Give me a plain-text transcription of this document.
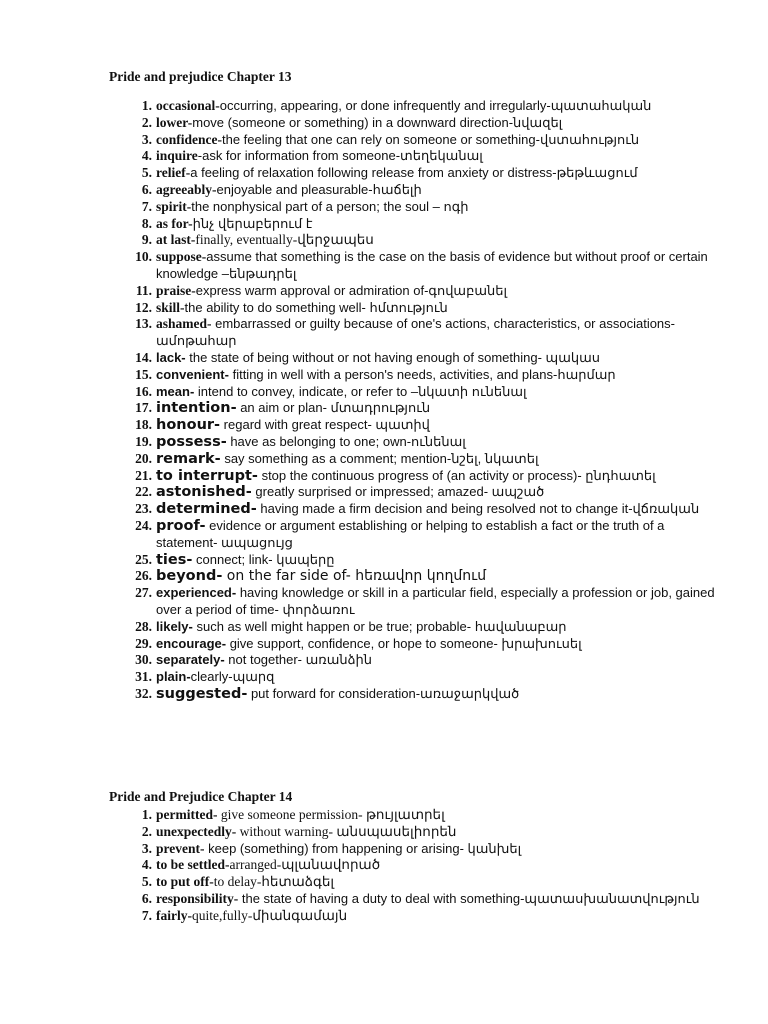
Pride and prejudice Chapter 13
1. occasional-occurring, appearing, or done infrequently and irregularly-պատահական
2. lower-move (someone or something) in a downward direction-նվազել
3. confidence-the feeling that one can rely on someone or something-վստահություն
4. inquire-ask for information from someone-տեղեկանալ
5. relief-a feeling of relaxation following release from anxiety or distress-թեթևացում
6. agreeably-enjoyable and pleasurable-հաճելի
7. spirit-the nonphysical part of a person; the soul – ոգի
8. as for-ինչ վերաբերում է
9. at last-finally, eventually-վերջապես
10. suppose-assume that something is the case on the basis of evidence but without proof or certain knowledge –ենթադրել
11. praise-express warm approval or admiration of-գովաբանել
12. skill-the ability to do something well- հմտություն
13. ashamed- embarrassed or guilty because of one's actions, characteristics, or associations- ամոթահար
14. lack- the state of being without or not having enough of something- պակաս
15. convenient- fitting in well with a person's needs, activities, and plans-հարմար
16. mean- intend to convey, indicate, or refer to –նկատի ունենալ
17. intention- an aim or plan- մտադրություն
18. honour- regard with great respect- պատիվ
19. possess- have as belonging to one; own-ունենալ
20. remark- say something as a comment; mention-նշել, նկատել
21. to interrupt- stop the continuous progress of (an activity or process)- ընդհատել
22. astonished- greatly surprised or impressed; amazed- ապշած
23. determined- having made a firm decision and being resolved not to change it-վճռական
24. proof- evidence or argument establishing or helping to establish a fact or the truth of a statement- ապացույց
25. ties- connect; link- կապերը
26. beyond- on the far side of- հեռավոր կողմում
27. experienced- having knowledge or skill in a particular field, especially a profession or job, gained over a period of time- փորձառու
28. likely- such as well might happen or be true; probable- հավանաբար
29. encourage- give support, confidence, or hope to someone- խրախուսել
30. separately- not together- առանձին
31. plain-clearly-պարզ
32. suggested- put forward for consideration-առաջարկված
Pride and Prejudice Chapter 14
1. permitted- give someone permission- թույլատրել
2. unexpectedly- without warning- անսպասելիորեն
3. prevent- keep (something) from happening or arising- կանխել
4. to be settled-arranged-պլանավորած
5. to put off-to delay-հետաձգել
6. responsibility- the state of having a duty to deal with something-պատասխանատվություն
7. fairly-quite,fully-միանգամայն
